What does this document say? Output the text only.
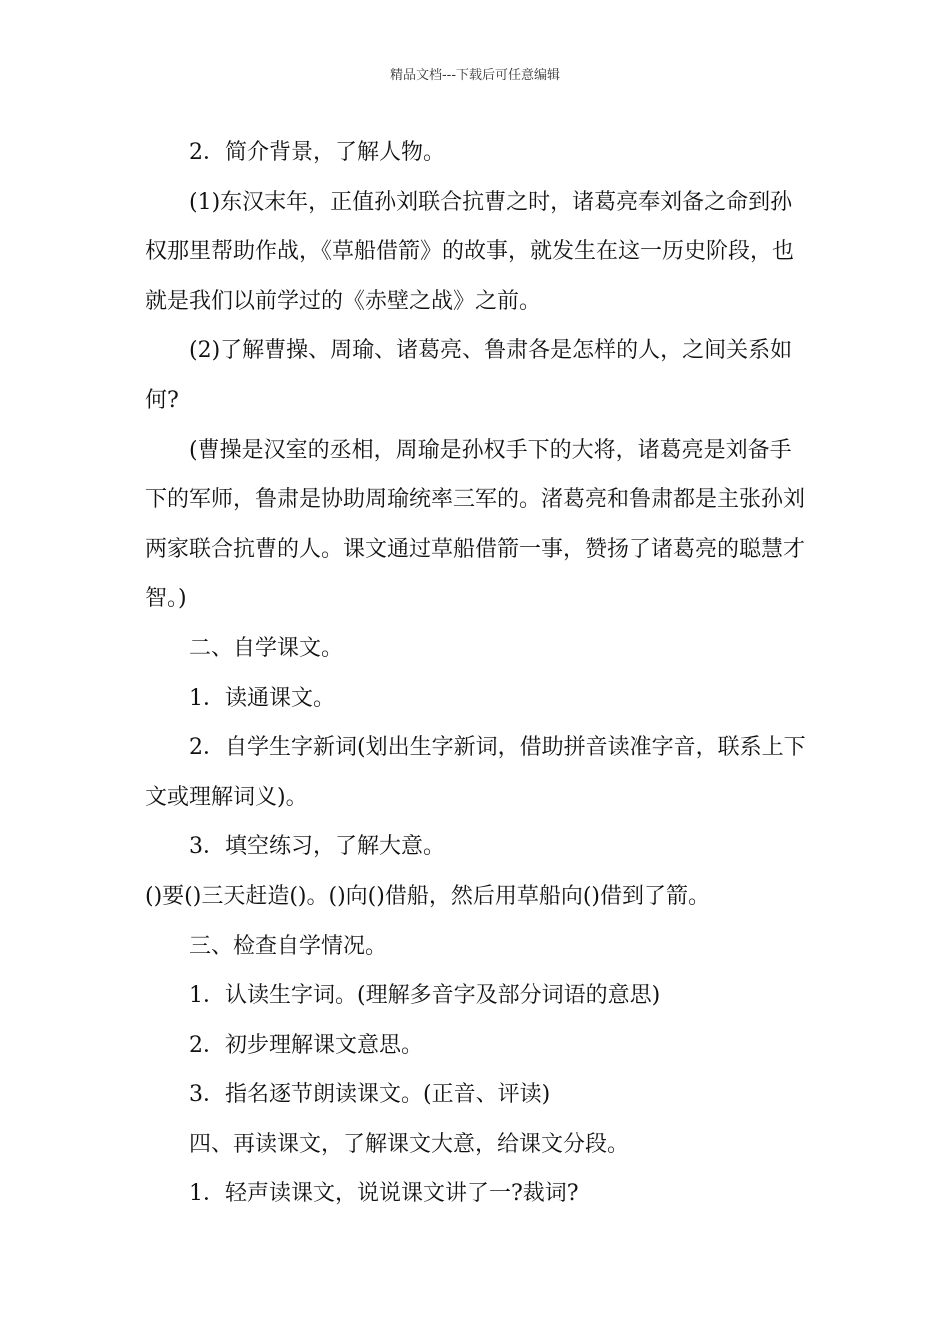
精品文档---下载后可任意编辑

2．简介背景，了解人物。

(1)东汉末年，正值孙刘联合抗曹之时，诸葛亮奉刘备之命到孙权那里帮助作战，《草船借箭》的故事，就发生在这一历史阶段，也就是我们以前学过的《赤壁之战》之前。

(2)了解曹操、周瑜、诸葛亮、鲁肃各是怎样的人，之间关系如何?

(曹操是汉室的丞相，周瑜是孙权手下的大将，诸葛亮是刘备手下的军师，鲁肃是协助周瑜统率三军的。渚葛亮和鲁肃都是主张孙刘两家联合抗曹的人。课文通过草船借箭一事，赞扬了诸葛亮的聪慧才智。)

二、自学课文。

1．读通课文。

2．自学生字新词(划出生字新词，借助拼音读准字音，联系上下文或理解词义)。

3．填空练习，了解大意。

()要()三天赶造()。()向()借船，然后用草船向()借到了箭。

三、检查自学情况。

1．认读生字词。(理解多音字及部分词语的意思)

2．初步理解课文意思。

3．指名逐节朗读课文。(正音、评读)

四、再读课文，了解课文大意，给课文分段。

1．轻声读课文，说说课文讲了一?裁词?
